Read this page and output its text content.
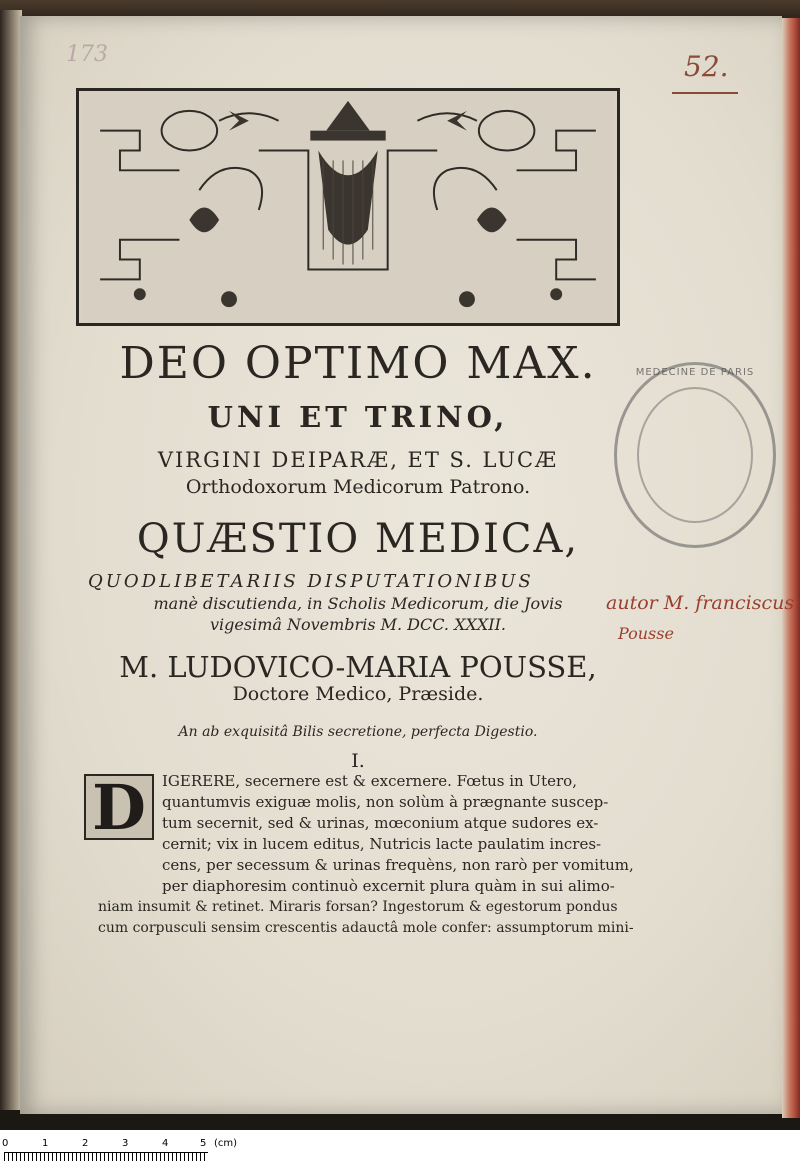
173	52.
DEO OPTIMO MAX.
UNI ET TRINO,
VIRGINI DEIPARÆ, ET S. LUCÆ
Orthodoxorum Medicorum Patrono.
QUÆSTIO MEDICA,
QUODLIBETARIIS DISPUTATIONIBUS
manè discutienda, in Scholis Medicorum, die Jovis
vigesimâ Novembris M. DCC. XXXII.
M. LUDOVICO-MARIA POUSSE,
Doctore Medico, Præside.
An ab exquisitâ Bilis secretione, perfecta Digestio.
I.
MEDECINE DE PARIS
autor M. franciscus
Pousse
D	IGERERE, secernere est & excernere. Fœtus in Utero,
quantumvis exiguæ molis, non solùm à prægnante suscep-
tum secernit, sed & urinas, mœconium atque sudores ex-
cernit; vix in lucem editus, Nutricis lacte paulatim incres-
cens, per secessum & urinas frequèns, non rarò per vomitum,
per diaphoresim continuò excernit plura quàm in sui alimo-
niam insumit & retinet. Miraris forsan? Ingestorum & egestorum pondus
cum corpusculi sensim crescentis adauctâ mole confer: assumptorum mini-
0	1	2	3	4	5 (cm)
